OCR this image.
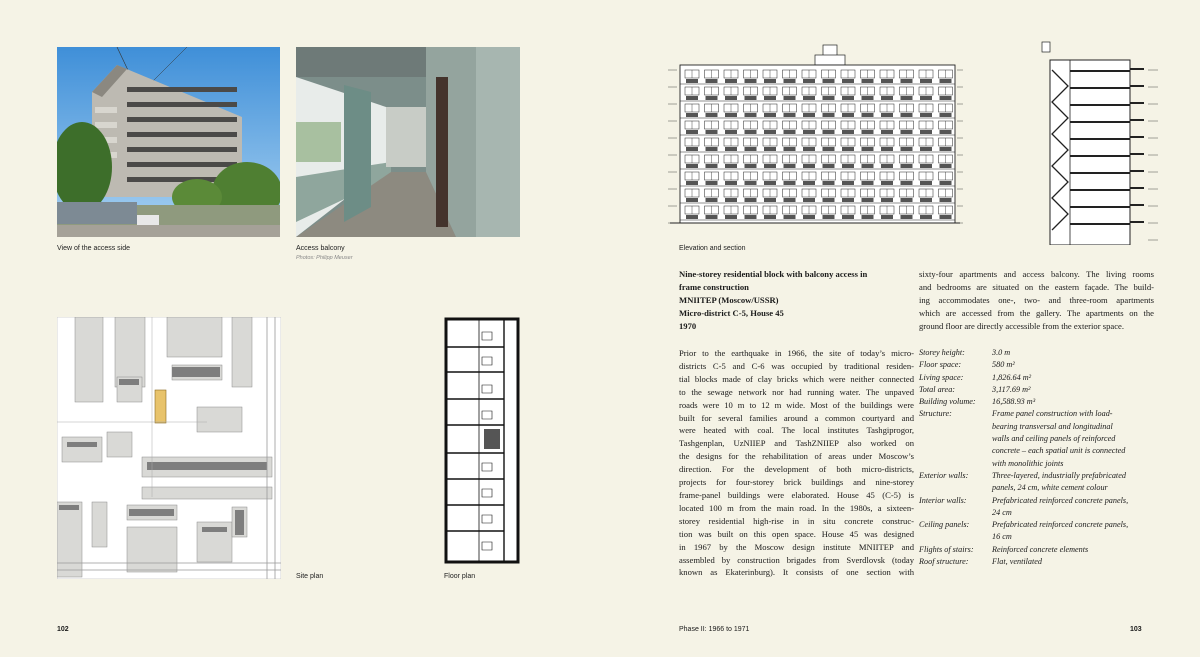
View of the access side	Access balcony
Photos: Philipp Meuser
Site plan	Floor plan
102
Elevation and section
Nine-storey residential block with balcony access in
frame construction
MNIITEP (Moscow/USSR)
Micro-district C-5, House 45
1970
Prior to the earthquake in 1966, the site of today’s micro-
districts C-5 and C-6 was occupied by traditional residen-
tial blocks made of clay bricks which were neither connected
to the sewage network nor had running water. The unpaved
roads were 10 m to 12 m wide. Most of the buildings were
built for several families around a common courtyard and
were heated with coal. The local institutes Tashgiprogor,
Tashgenplan, UzNIIEP and TashZNIIEP also worked on
the designs for the rehabilitation of areas under Moscow’s
direction. For the development of both micro-districts,
projects for four-storey brick buildings and nine-storey
frame-panel buildings were elaborated. House 45 (C-5) is
located 100 m from the main road. In the 1980s, a sixteen-
storey residential high-rise in in situ concrete construc-
tion was built on this open space. House 45 was designed
in 1967 by the Moscow design institute MNIITEP and
assembled by construction brigades from Sverdlovsk (today
known as Ekaterinburg). It consists of one section with
sixty-four apartments and access balcony. The living rooms
and bedrooms are situated on the eastern façade. The build-
ing accommodates one-, two- and three-room apartments
which are accessed from the gallery. The apartments on the
ground floor are directly accessible from the exterior space.
Storey height:	3.0 m
Floor space:	580 m²
Living space:	1,826.64 m²
Total area:	3,117.69 m²
Building volume:	16,588.93 m³
Structure:	Frame panel construction with load-
bearing transversal and longitudinal
walls and ceiling panels of reinforced
concrete – each spatial unit is connected
with monolithic joints
Exterior walls:	Three-layered, industrially prefabricated
panels, 24 cm, white cement colour
Interior walls:	Prefabricated reinforced concrete panels,
24 cm
Ceiling panels:	Prefabricated reinforced concrete panels,
16 cm
Flights of stairs:	Reinforced concrete elements
Roof structure:	Flat, ventilated
Phase II: 1966 to 1971	103
